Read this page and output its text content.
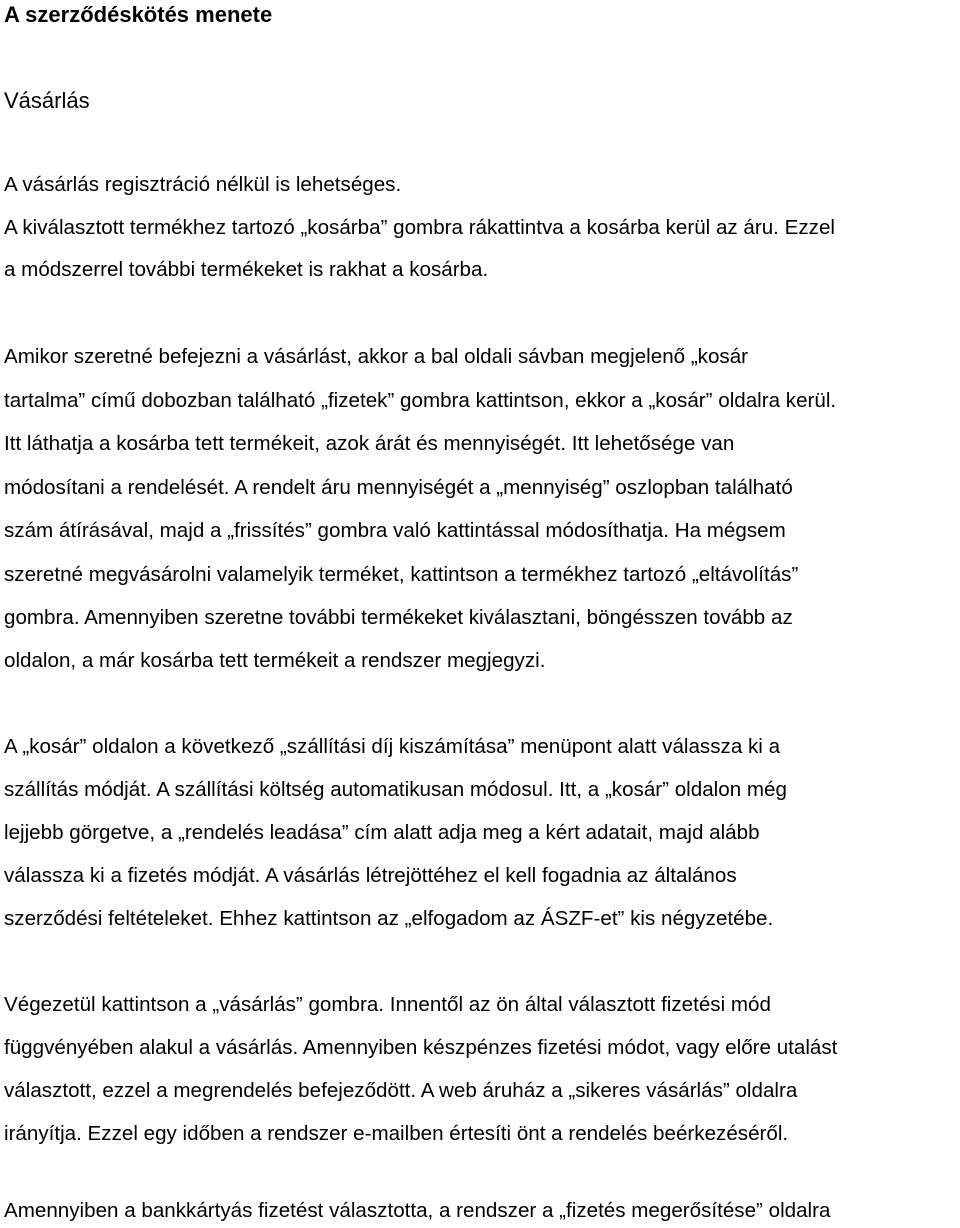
A szerződéskötés menete
Vásárlás
A vásárlás regisztráció nélkül is lehetséges.
A kiválasztott termékhez tartozó „kosárba” gombra rákattintva a kosárba kerül az áru. Ezzel
a módszerrel további termékeket is rakhat a kosárba.
Amikor szeretné befejezni a vásárlást, akkor a bal oldali sávban megjelenő „kosár
tartalma” című dobozban található „fizetek” gombra kattintson, ekkor a „kosár” oldalra kerül.
Itt láthatja a kosárba tett termékeit, azok árát és mennyiségét. Itt lehetősége van
módosítani a rendelését. A rendelt áru mennyiségét a „mennyiség” oszlopban található
szám átírásával, majd a „frissítés” gombra való kattintással módosíthatja. Ha mégsem
szeretné megvásárolni valamelyik terméket, kattintson a termékhez tartozó „eltávolítás”
gombra. Amennyiben szeretne további termékeket kiválasztani, böngésszen tovább az
oldalon, a már kosárba tett termékeit a rendszer megjegyzi.
A „kosár” oldalon a következő „szállítási díj kiszámítása” menüpont alatt válassza ki a
szállítás módját. A szállítási költség automatikusan módosul. Itt, a „kosár” oldalon még
lejjebb görgetve, a „rendelés leadása” cím alatt adja meg a kért adatait, majd alább
válassza ki a fizetés módját. A vásárlás létrejöttéhez el kell fogadnia az általános
szerződési feltételeket. Ehhez kattintson az „elfogadom az ÁSZF-et” kis négyzetébe.
Végezetül kattintson a „vásárlás” gombra. Innentől az ön által választott fizetési mód
függvényében alakul a vásárlás. Amennyiben készpénzes fizetési módot, vagy előre utalást
választott, ezzel a megrendelés befejeződött. A web áruház a „sikeres vásárlás” oldalra
irányítja. Ezzel egy időben a rendszer e-mailben értesíti önt a rendelés beérkezéséről.
Amennyiben a bankkártyás fizetést választotta, a rendszer a „fizetés megerősítése” oldalra
